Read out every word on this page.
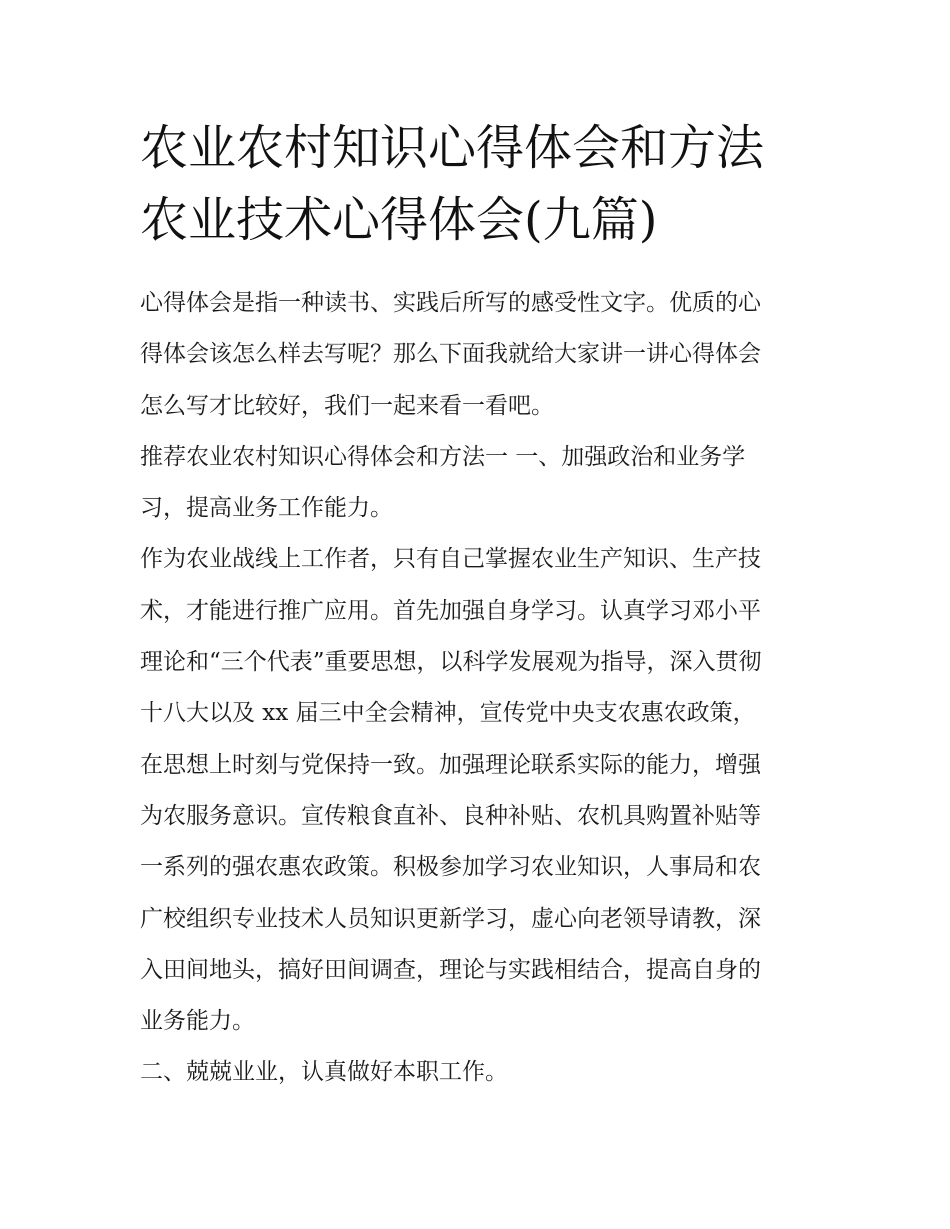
农业农村知识心得体会和方法
农业技术心得体会(九篇)
心得体会是指一种读书、实践后所写的感受性文字。优质的心
得体会该怎么样去写呢？那么下面我就给大家讲一讲心得体会
怎么写才比较好，我们一起来看一看吧。
推荐农业农村知识心得体会和方法一 一、加强政治和业务学
习，提高业务工作能力。
作为农业战线上工作者，只有自己掌握农业生产知识、生产技
术，才能进行推广应用。首先加强自身学习。认真学习邓小平
理论和“三个代表”重要思想，以科学发展观为指导，深入贯彻
十八大以及 xx 届三中全会精神，宣传党中央支农惠农政策，
在思想上时刻与党保持一致。加强理论联系实际的能力，增强
为农服务意识。宣传粮食直补、良种补贴、农机具购置补贴等
一系列的强农惠农政策。积极参加学习农业知识，人事局和农
广校组织专业技术人员知识更新学习，虚心向老领导请教，深
入田间地头，搞好田间调查，理论与实践相结合，提高自身的
业务能力。
二、兢兢业业，认真做好本职工作。
